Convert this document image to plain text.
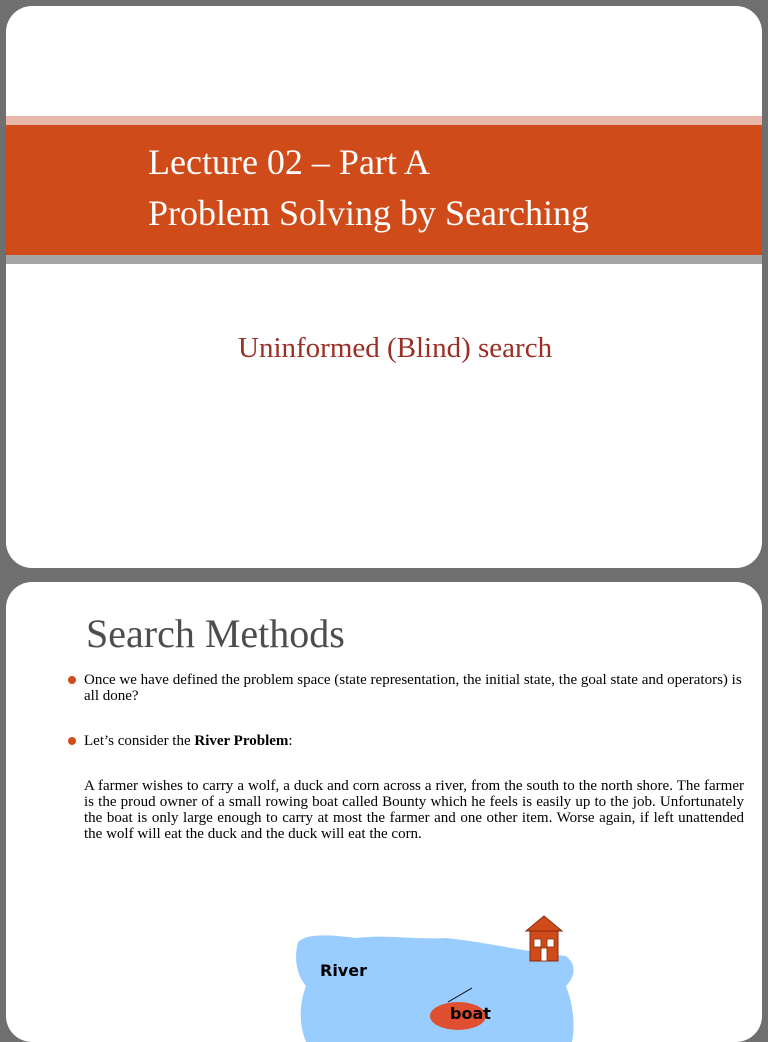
Lecture 02 – Part A
Problem Solving by Searching
Uninformed (Blind) search
Search Methods
Once we have defined the problem space (state representation, the initial state, the goal state and operators) is all done?
Let’s consider the River Problem:
A farmer wishes to carry a wolf, a duck and corn across a river, from the south to the north shore. The farmer is the proud owner of a small rowing boat called Bounty which he feels is easily up to the job. Unfortunately the boat is only large enough to carry at most the farmer and one other item. Worse again, if left unattended the wolf will eat the duck and the duck will eat the corn.
River
boat
